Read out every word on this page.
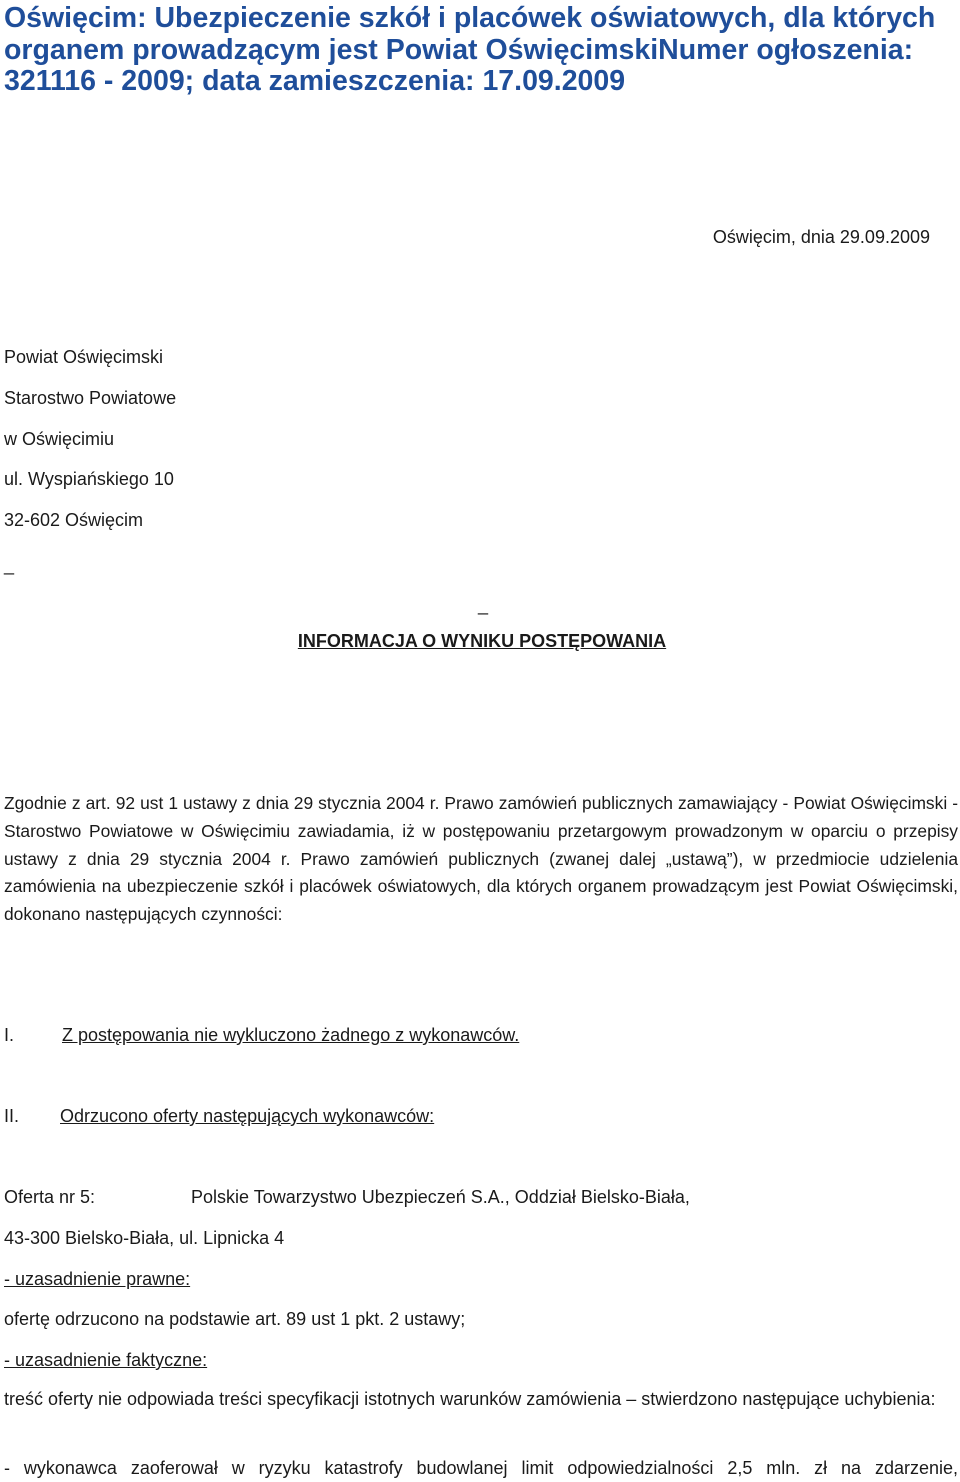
Oświęcim: Ubezpieczenie szkół i placówek oświatowych, dla których organem prowadzącym jest Powiat OświęcimskiNumer ogłoszenia: 321116 - 2009; data zamieszczenia: 17.09.2009
Oświęcim, dnia 29.09.2009
Powiat Oświęcimski
Starostwo Powiatowe
w Oświęcimiu
ul. Wyspiańskiego 10
32-602 Oświęcim
_
_
INFORMACJA O WYNIKU POSTĘPOWANIA

Zgodnie z art. 92 ust 1 ustawy z dnia 29 stycznia 2004 r. Prawo zamówień publicznych zamawiający - Powiat Oświęcimski - Starostwo Powiatowe w Oświęcimiu zawiadamia, iż w postępowaniu przetargowym prowadzonym w oparciu o przepisy ustawy z dnia 29 stycznia 2004 r. Prawo zamówień publicznych (zwanej dalej „ustawą”), w przedmiocie udzielenia zamówienia na ubezpieczenie szkół i placówek oświatowych, dla których organem prowadzącym jest Powiat Oświęcimski, dokonano następujących czynności:

I.	Z postępowania nie wykluczono żadnego z wykonawców.
II. Odrzucono oferty następujących wykonawców:
Oferta nr 5:	Polskie Towarzystwo Ubezpieczeń S.A., Oddział Bielsko-Biała,
43-300 Bielsko-Biała, ul. Lipnicka 4
- uzasadnienie prawne:
ofertę odrzucono na podstawie art. 89 ust 1 pkt. 2 ustawy;
- uzasadnienie faktyczne:

treść oferty nie odpowiada treści specyfikacji istotnych warunków zamówienia – stwierdzono następujące uchybienia:

- wykonawca zaoferował w ryzyku katastrofy budowlanej limit odpowiedzialności 2,5 mln. zł na zdarzenie,
